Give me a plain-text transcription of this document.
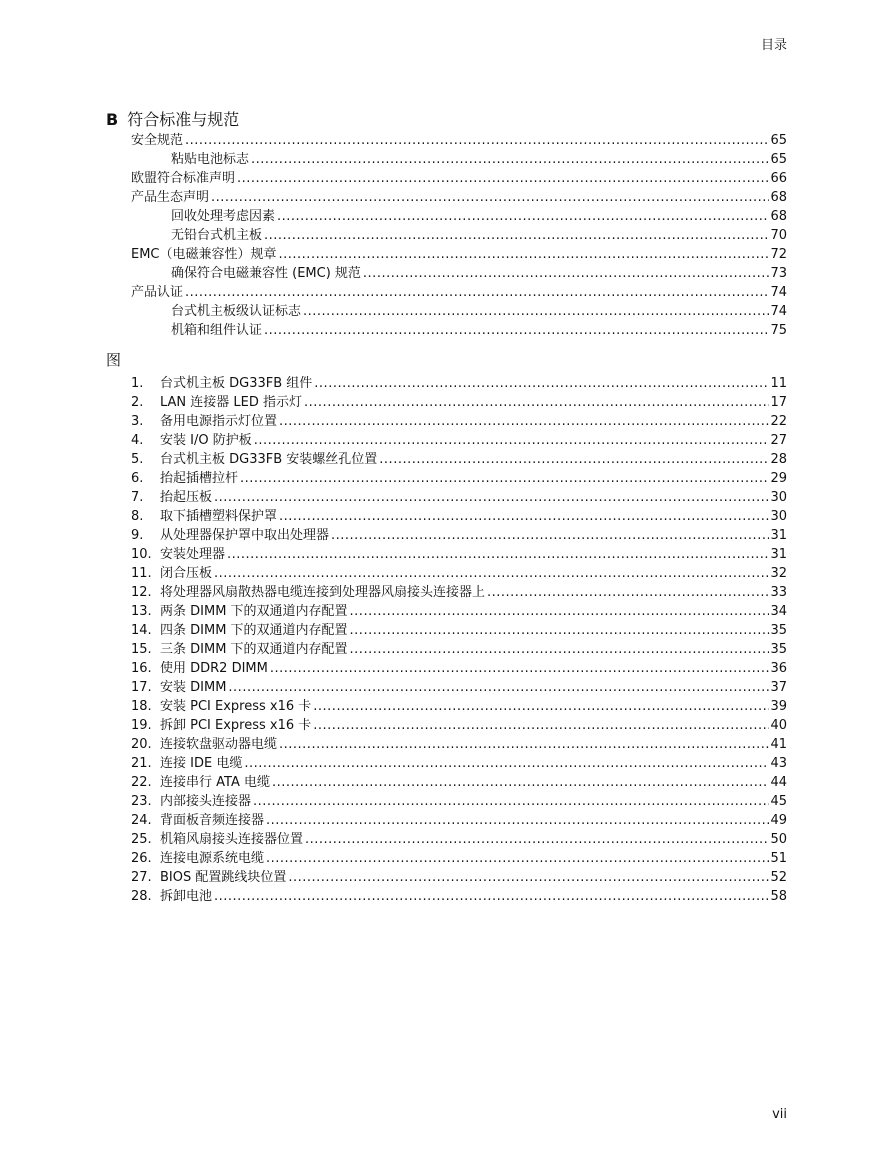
目录
B 符合标准与规范
安全规范 .....	65
粘贴电池标志 .....	65
欧盟符合标准声明 .....	66
产品生态声明 .....	68
回收处理考虑因素 .....	68
无铅台式机主板 .....	70
EMC（电磁兼容性）规章 .....	72
确保符合电磁兼容性 (EMC) 规范 .....	73
产品认证 .....	74
台式机主板级认证标志 .....	74
机箱和组件认证 .....	75
图
1.	台式机主板 DG33FB 组件 .....	11
2.	LAN 连接器 LED 指示灯 .....	17
3.	备用电源指示灯位置 .....	22
4.	安装 I/O 防护板 .....	27
5.	台式机主板 DG33FB 安装螺丝孔位置 .....	28
6.	抬起插槽拉杆 .....	29
7.	抬起压板 .....	30
8.	取下插槽塑料保护罩 .....	30
9.	从处理器保护罩中取出处理器 .....	31
10. 安装处理器 .....	31
11. 闭合压板 .....	32
12. 将处理器风扇散热器电缆连接到处理器风扇接头连接器上 .....	33
13. 两条 DIMM 下的双通道内存配置 .....	34
14. 四条 DIMM 下的双通道内存配置 .....	35
15. 三条 DIMM 下的双通道内存配置 .....	35
16. 使用 DDR2 DIMM .....	36
17. 安装 DIMM .....	37
18. 安装 PCI Express x16 卡 .....	39
19. 拆卸 PCI Express x16 卡 .....	40
20. 连接软盘驱动器电缆 .....	41
21. 连接 IDE 电缆 .....	43
22. 连接串行 ATA 电缆 .....	44
23. 内部接头连接器 .....	45
24. 背面板音频连接器 .....	49
25. 机箱风扇接头连接器位置 .....	50
26. 连接电源系统电缆 .....	51
27. BIOS 配置跳线块位置 .....	52
28. 拆卸电池 .....	58
vii
